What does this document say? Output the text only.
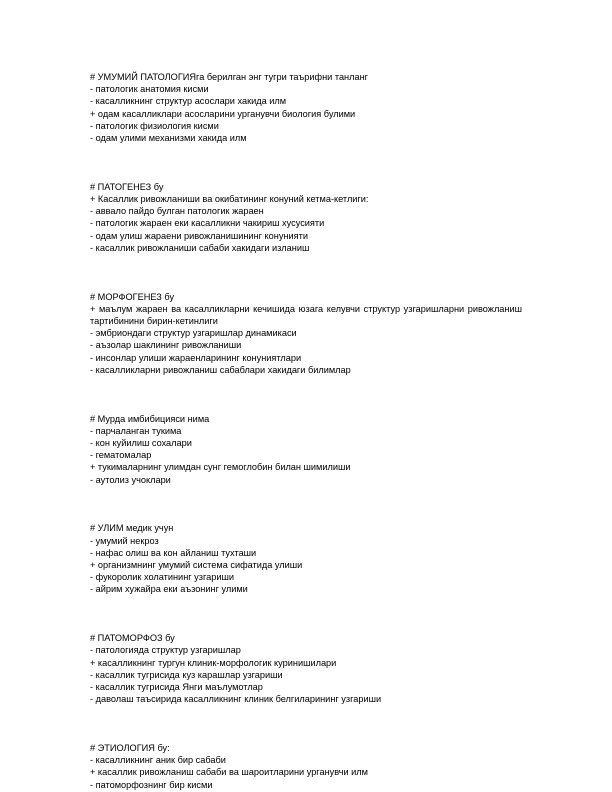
# УМУМИЙ ПАТОЛОГИЯга берилган энг тугри таърифни танланг
- патологик анатомия кисми
- касалликнинг структур асослари хакида илм
+ одам касалликлари асосларини урганувчи биология булими
- патологик физиология кисми
- одам улими механизми хакида илм
# ПАТОГЕНЕЗ бу
+ Касаллик ривожланиши ва окибатининг конуний кетма-кетлиги:
- аввало пайдо булган патологик жараен
- патологик жараен еки касалликни чакириш хусусияти
- одам улиш жараени ривожланишининг конунияти
- касаллик ривожланиши сабаби хакидаги изланиш
# МОРФОГЕНЕЗ бу
+ маълум жараен ва касалликларни кечишида юзага келувчи структур узгаришларни ривожланиш тартибинини бирин-кетинлиги
- эмбриондаги структур узгаришлар динамикаси
- аъзолар шаклининг ривожланиши
- инсонлар улиши жараенларининг конуниятлари
- касалликларни ривожланиш сабаблари хакидаги билимлар
# Мурда имбибицияси нима
- парчаланган тукима
- кон куйилиш сохалари
- гематомалар
+ тукималарнинг улимдан сунг гемоглобин билан шимилиши
- аутолиз учоклари
# УЛИМ медик учун
- умумий некроз
- нафас олиш ва кон айланиш тухташи
+ организмнинг умумий система сифатида улиши
- фукоролик холатининг узгариши
- айрим хужайра еки аъзонинг улими
# ПАТОМОРФОЗ бу
- патологияда структур узгаришлар
+ касалликнинг тургун клиник-морфологик куринишилари
- касаллик тугрисида куз карашлар узгариши
- касаллик тугрисида Янги маълумотлар
- даволаш таъсирида касалликнинг клиник белгиларининг узгариши
# ЭТИОЛОГИЯ бу:
- касалликнинг аник бир сабаби
+ касаллик ривожланиш сабаби ва шароитларини урганувчи илм
- патоморфознинг бир кисми
